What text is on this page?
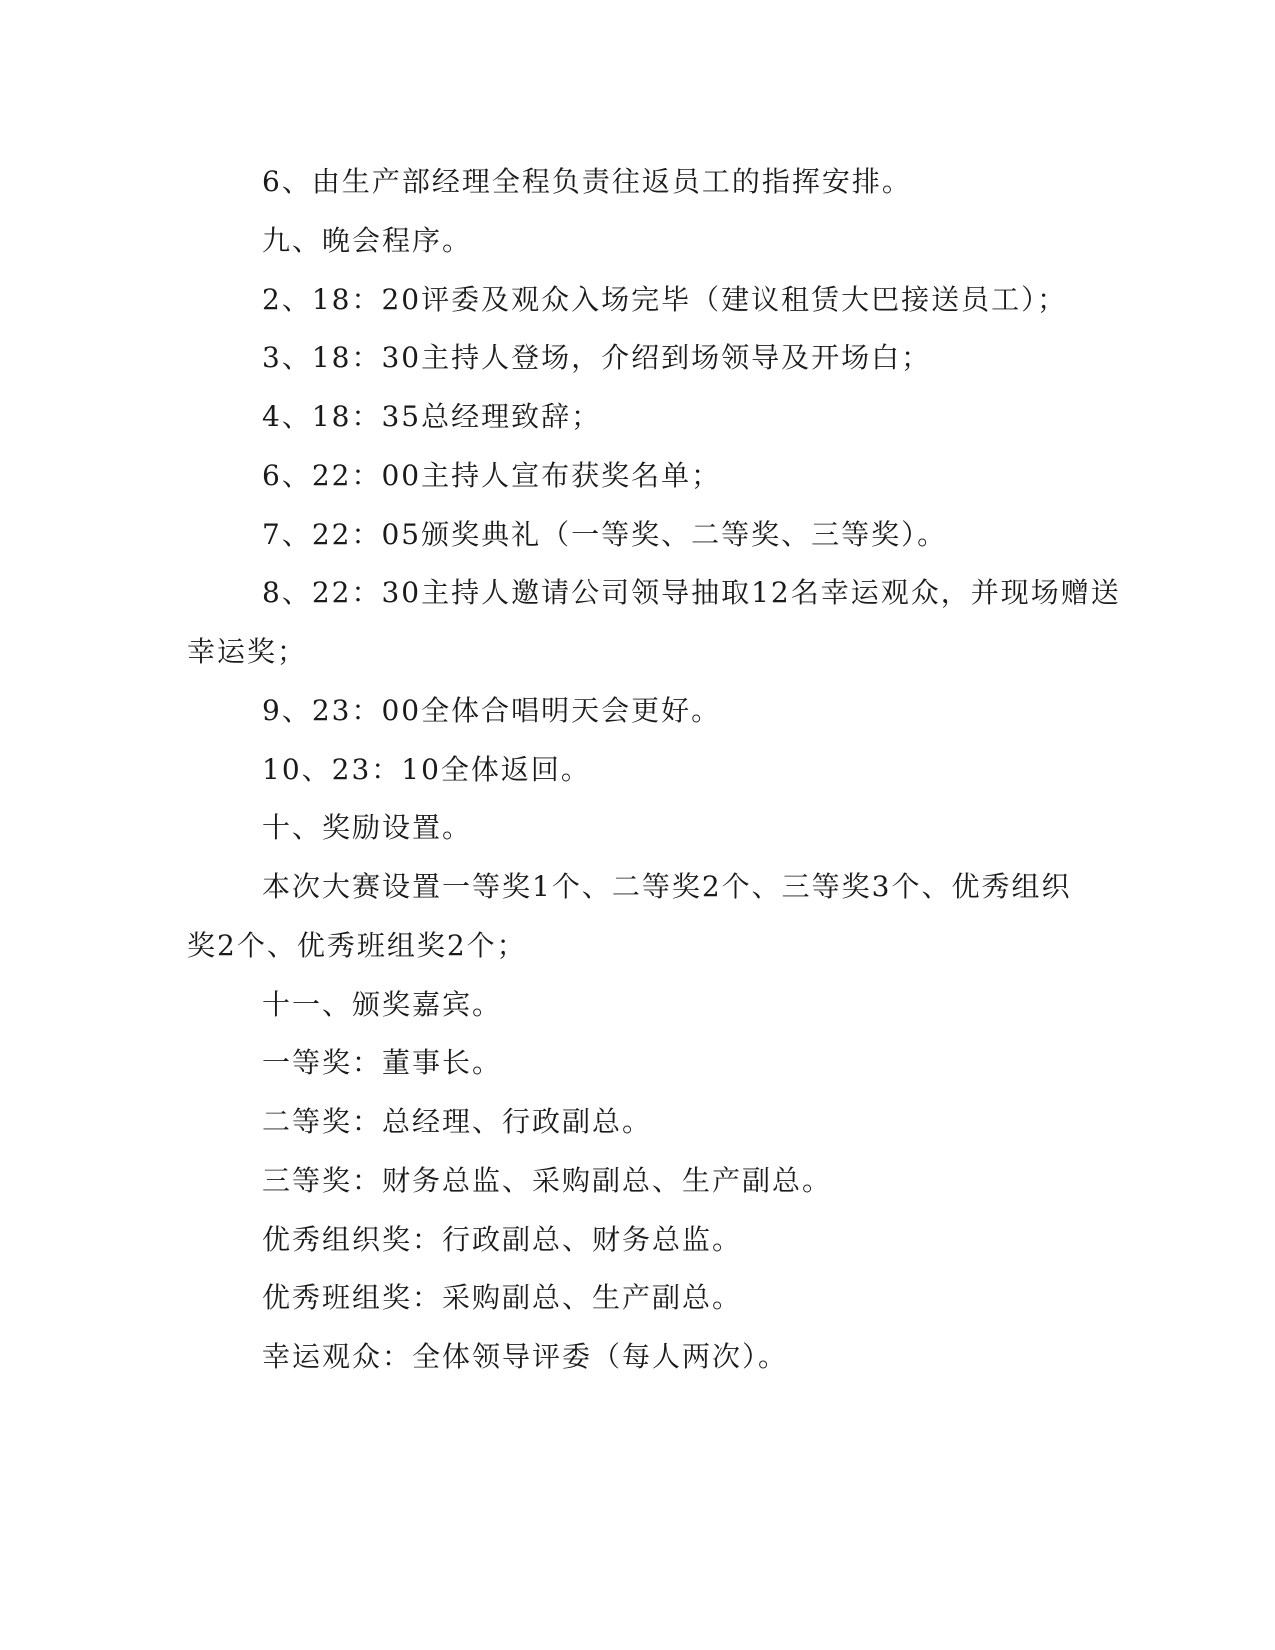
6、由生产部经理全程负责往返员工的指挥安排。

九、晚会程序。

2、18：20评委及观众入场完毕（建议租赁大巴接送员工）；

3、18：30主持人登场，介绍到场领导及开场白；

4、18：35总经理致辞；

6、22：00主持人宣布获奖名单；

7、22：05颁奖典礼（一等奖、二等奖、三等奖）。

8、22：30主持人邀请公司领导抽取12名幸运观众，并现场赠送

幸运奖；

9、23：00全体合唱明天会更好。

10、23：10全体返回。

十、奖励设置。

本次大赛设置一等奖1个、二等奖2个、三等奖3个、优秀组织

奖2个、优秀班组奖2个；

十一、颁奖嘉宾。

一等奖：董事长。

二等奖：总经理、行政副总。

三等奖：财务总监、采购副总、生产副总。

优秀组织奖：行政副总、财务总监。

优秀班组奖：采购副总、生产副总。

幸运观众：全体领导评委（每人两次）。
